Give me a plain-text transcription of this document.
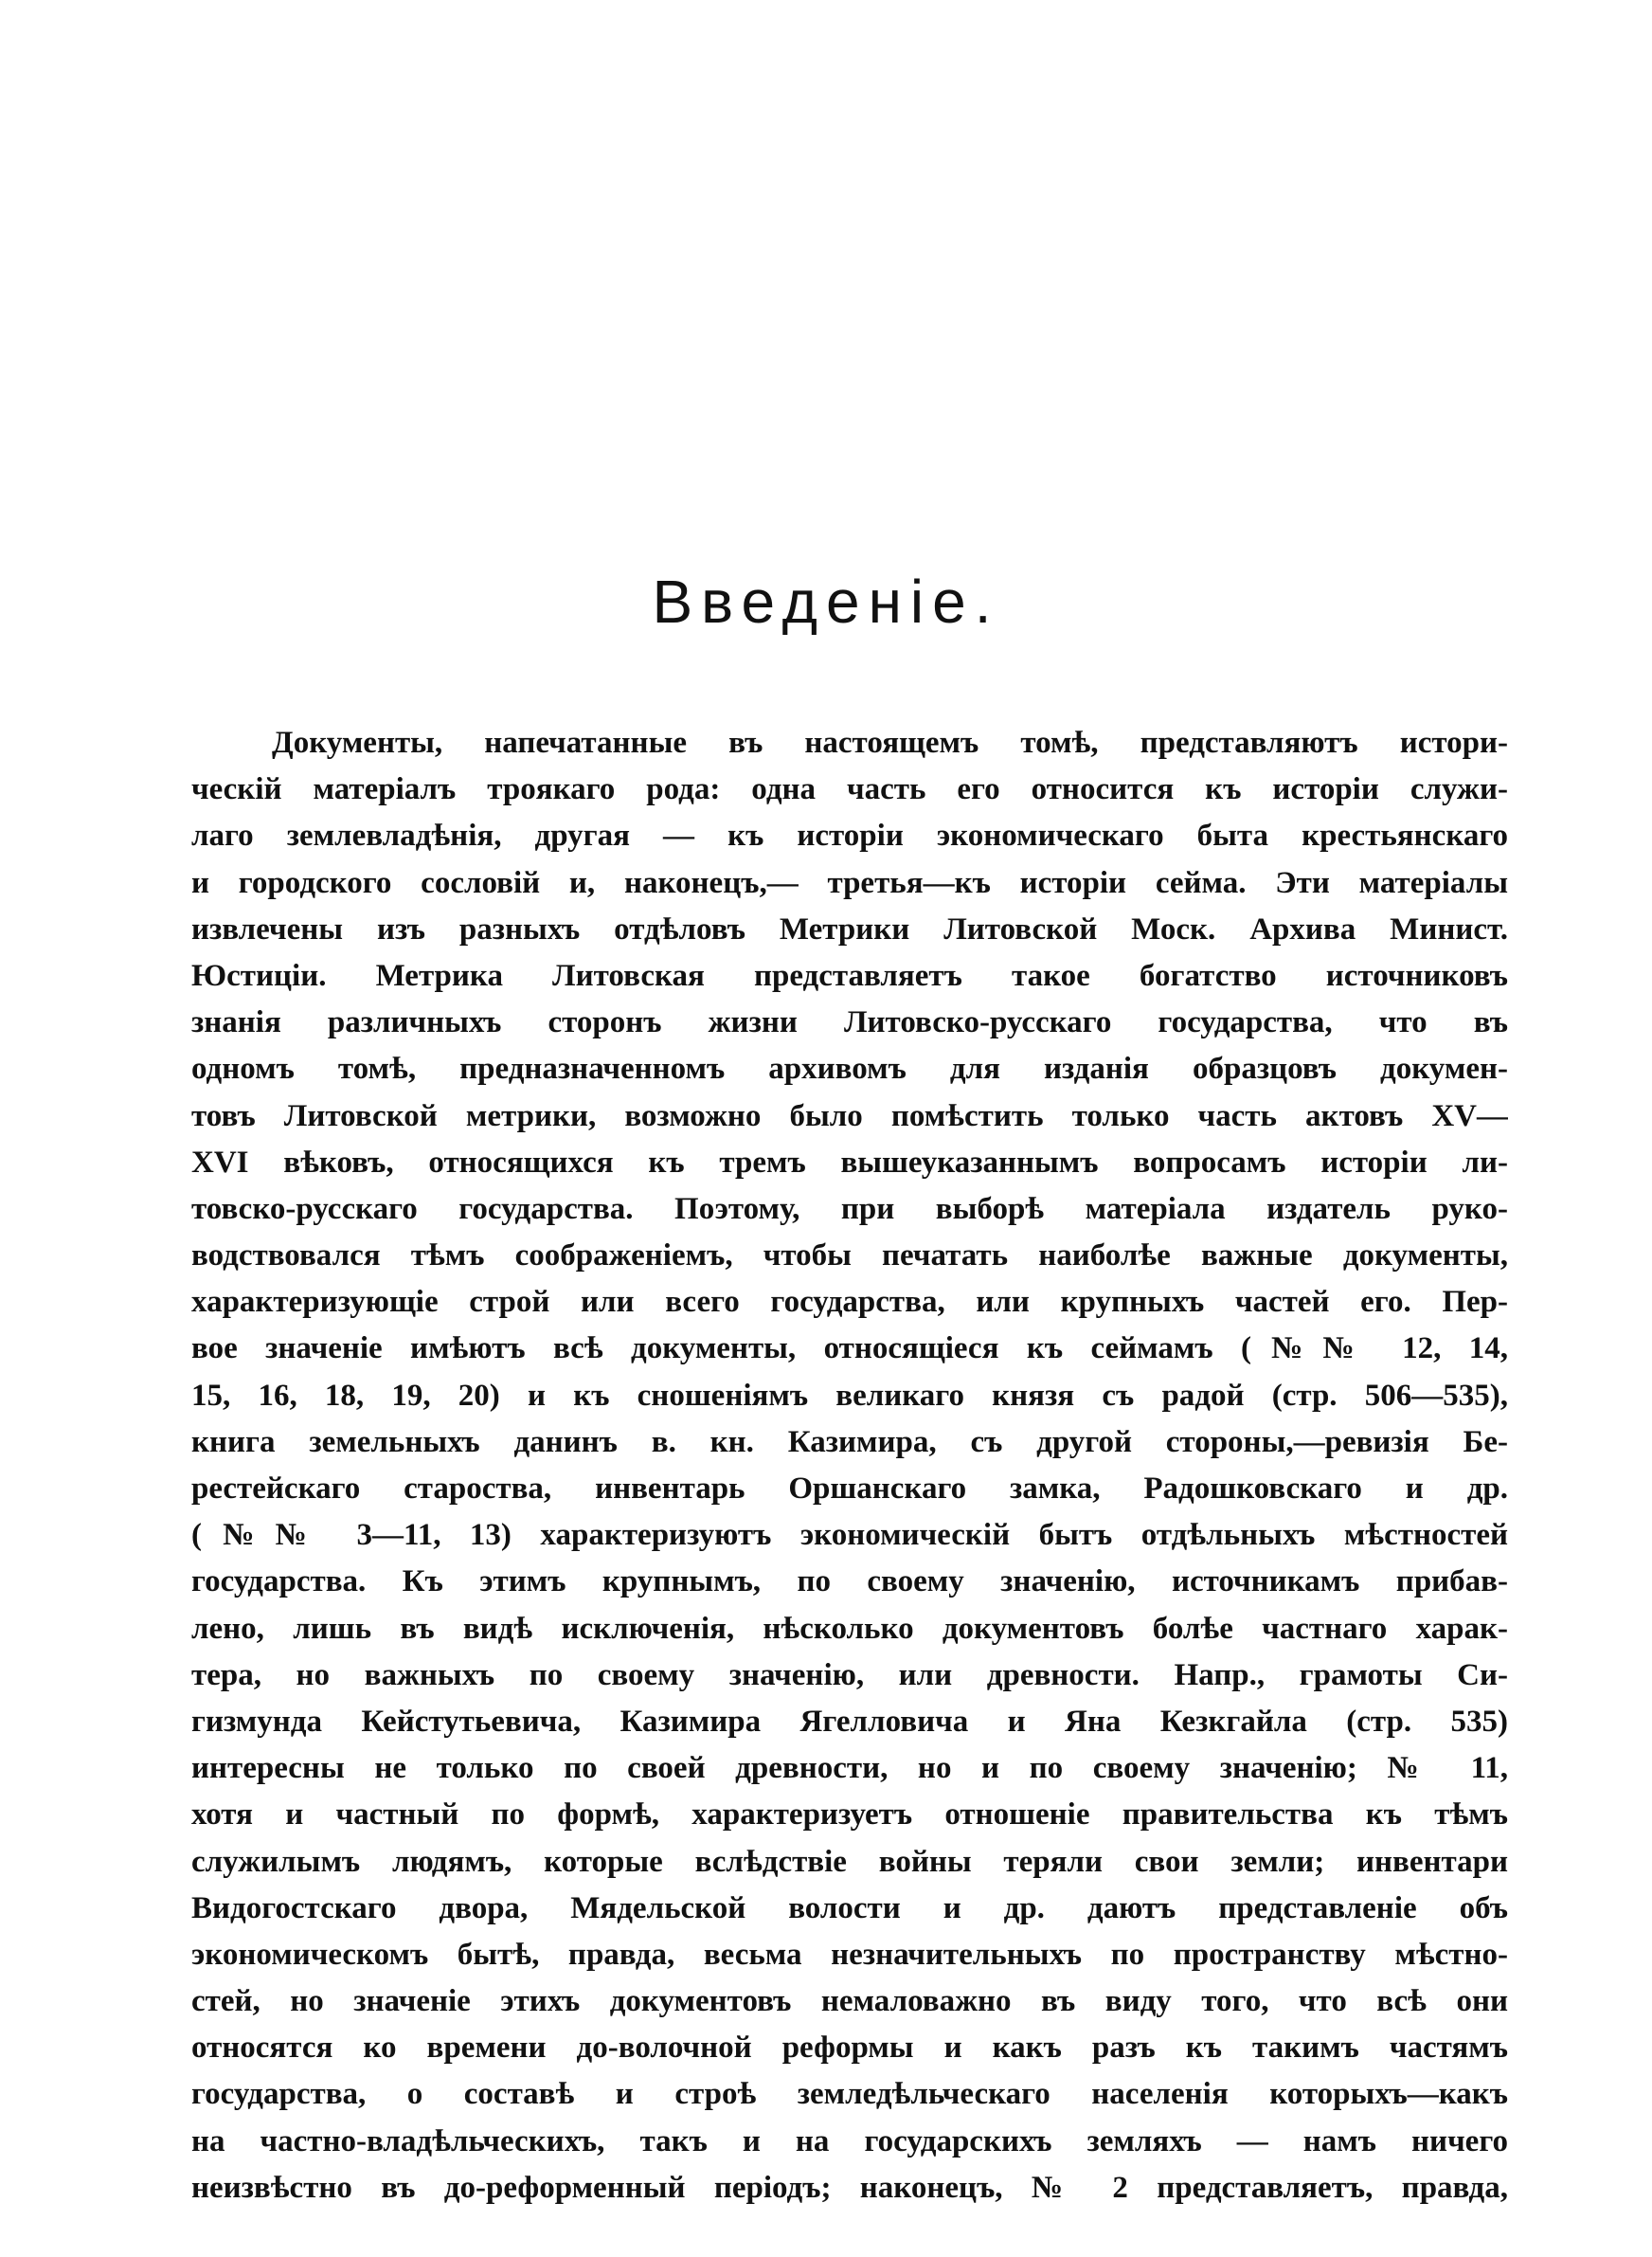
Введенiе.
Документы, напечатанные въ настоящемъ томѣ, представляютъ истори-
ческiй матерiалъ трoякаго рода: одна часть его относится къ исторiи служи-
лаго землевладѣнiя, другая — къ исторiи экономическаго быта крестьянскаго
и городского сословiй и, наконецъ,— третья—къ исторiи сейма. Эти матерiалы
извлечены изъ разныхъ отдѣловъ Метрики Литовской Моск. Архива Минист.
Юстицiи. Метрика Литовская представляетъ такое богатство источниковъ
знанiя различныхъ сторонъ жизни Литовско-русскаго государства, что въ
одномъ томѣ, предназначенномъ архивомъ для изданiя образцовъ докумен-
товъ Литовской метрики, возможно было помѣстить только часть актовъ XV—
XVI вѣковъ, относящихся къ тремъ вышеуказаннымъ вопросамъ исторiи ли-
товско-русскаго государства. Поэтому, при выборѣ матерiала издатель руко-
водствовался тѣмъ соображенiемъ, чтобы печатать наиболѣе важные документы,
характеризующiе строй или всего государства, или крупныхъ частей его. Пер-
вое значенiе имѣютъ всѣ документы, относящiеся къ сеймамъ (№№ 12, 14,
15, 16, 18, 19, 20) и къ сношенiямъ великаго князя съ радой (стр. 506—535),
книга земельныхъ данинъ в. кн. Казимира, съ другой стороны,—ревизiя Бе-
рестейскаго староства, инвентарь Оршанскаго замка, Радошковскаго и др.
(№№ 3—11, 13) характеризуютъ экономическiй бытъ отдѣльныхъ мѣстностей
государства. Къ этимъ крупнымъ, по своему значенiю, источникамъ прибав-
лено, лишь въ видѣ исключенiя, нѣсколько документовъ болѣе частнаго харак-
тера, но важныхъ по своему значенiю, или древности. Напр., грамоты Си-
гизмунда Кейстутьевича, Казимира Ягелловича и Яна Кезкгайла (стр. 535)
интересны не только по своей древности, но и по своему значенiю; № 11,
хотя и частный по формѣ, характеризуетъ отношенiе правительства къ тѣмъ
служилымъ людямъ, которые вслѣдствiе войны теряли свои земли; инвентари
Видогостскаго двора, Мядельской волости и др. даютъ представленiе объ
экономическомъ бытѣ, правда, весьма незначительныхъ по пространству мѣстно-
стей, но значенiе этихъ документовъ немаловажно въ виду того, что всѣ они
относятся ко времени до-волочной реформы и какъ разъ къ такимъ частямъ
государства, о составѣ и строѣ земледѣльческаго населенiя которыхъ—какъ
на частно-владѣльческихъ, такъ и на государскихъ земляхъ — намъ ничего
неизвѣстно въ до-реформенный перiодъ; наконецъ, № 2 представляетъ, правда,
